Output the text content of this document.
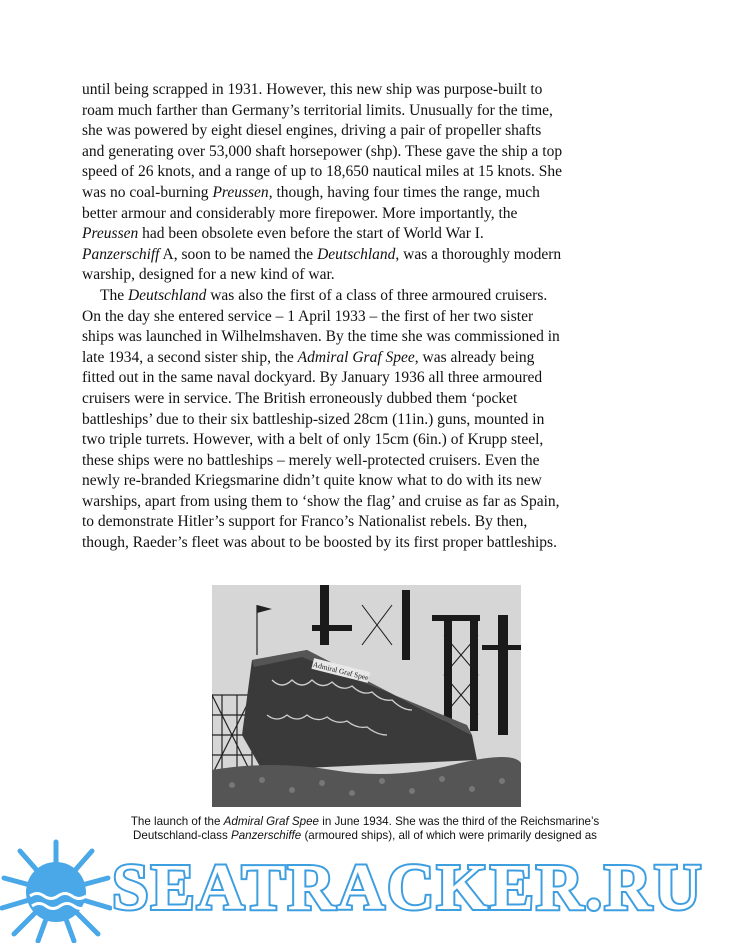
until being scrapped in 1931. However, this new ship was purpose-built to
roam much farther than Germany’s territorial limits. Unusually for the time,
she was powered by eight diesel engines, driving a pair of propeller shafts
and generating over 53,000 shaft horsepower (shp). These gave the ship a top
speed of 26 knots, and a range of up to 18,650 nautical miles at 15 knots. She
was no coal-burning Preussen, though, having four times the range, much
better armour and considerably more firepower. More importantly, the
Preussen had been obsolete even before the start of World War I.
Panzerschiff A, soon to be named the Deutschland, was a thoroughly modern
warship, designed for a new kind of war.
The Deutschland was also the first of a class of three armoured cruisers.
On the day she entered service – 1 April 1933 – the first of her two sister
ships was launched in Wilhelmshaven. By the time she was commissioned in
late 1934, a second sister ship, the Admiral Graf Spee, was already being
fitted out in the same naval dockyard. By January 1936 all three armoured
cruisers were in service. The British erroneously dubbed them ‘pocket
battleships’ due to their six battleship-sized 28cm (11in.) guns, mounted in
two triple turrets. However, with a belt of only 15cm (6in.) of Krupp steel,
these ships were no battleships – merely well-protected cruisers. Even the
newly re-branded Kriegsmarine didn’t quite know what to do with its new
warships, apart from using them to ‘show the flag’ and cruise as far as Spain,
to demonstrate Hitler’s support for Franco’s Nationalist rebels. By then,
though, Raeder’s fleet was about to be boosted by its first proper battleships.
Admiral Graf Spee
The launch of the Admiral Graf Spee in June 1934. She was the third of the Reichsmarine’s
Deutschland-class Panzerschiffe (armoured ships), all of which were primarily designed as
SEATRACKER.RU
